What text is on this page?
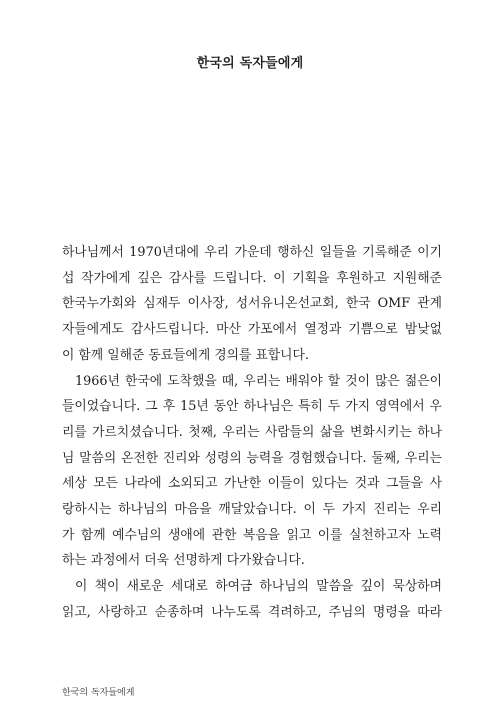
한국의 독자들에게

하나님께서 1970년대에 우리 가운데 행하신 일들을 기록해준 이기

섭 작가에게 깊은 감사를 드립니다. 이 기획을 후원하고 지원해준

한국누가회와 심재두 이사장, 성서유니온선교회, 한국 OMF 관계

자들에게도 감사드립니다. 마산 가포에서 열정과 기쁨으로 밤낮없

이 함께 일해준 동료들에게 경의를 표합니다.

1966년 한국에 도착했을 때, 우리는 배워야 할 것이 많은 젊은이

들이었습니다. 그 후 15년 동안 하나님은 특히 두 가지 영역에서 우

리를 가르치셨습니다. 첫째, 우리는 사람들의 삶을 변화시키는 하나

님 말씀의 온전한 진리와 성령의 능력을 경험했습니다. 둘째, 우리는

세상 모든 나라에 소외되고 가난한 이들이 있다는 것과 그들을 사

랑하시는 하나님의 마음을 깨달았습니다. 이 두 가지 진리는 우리

가 함께 예수님의 생애에 관한 복음을 읽고 이를 실천하고자 노력

하는 과정에서 더욱 선명하게 다가왔습니다.

이 책이 새로운 세대로 하여금 하나님의 말씀을 깊이 묵상하며

읽고, 사랑하고 순종하며 나누도록 격려하고, 주님의 명령을 따라

한국의 독자들에게
